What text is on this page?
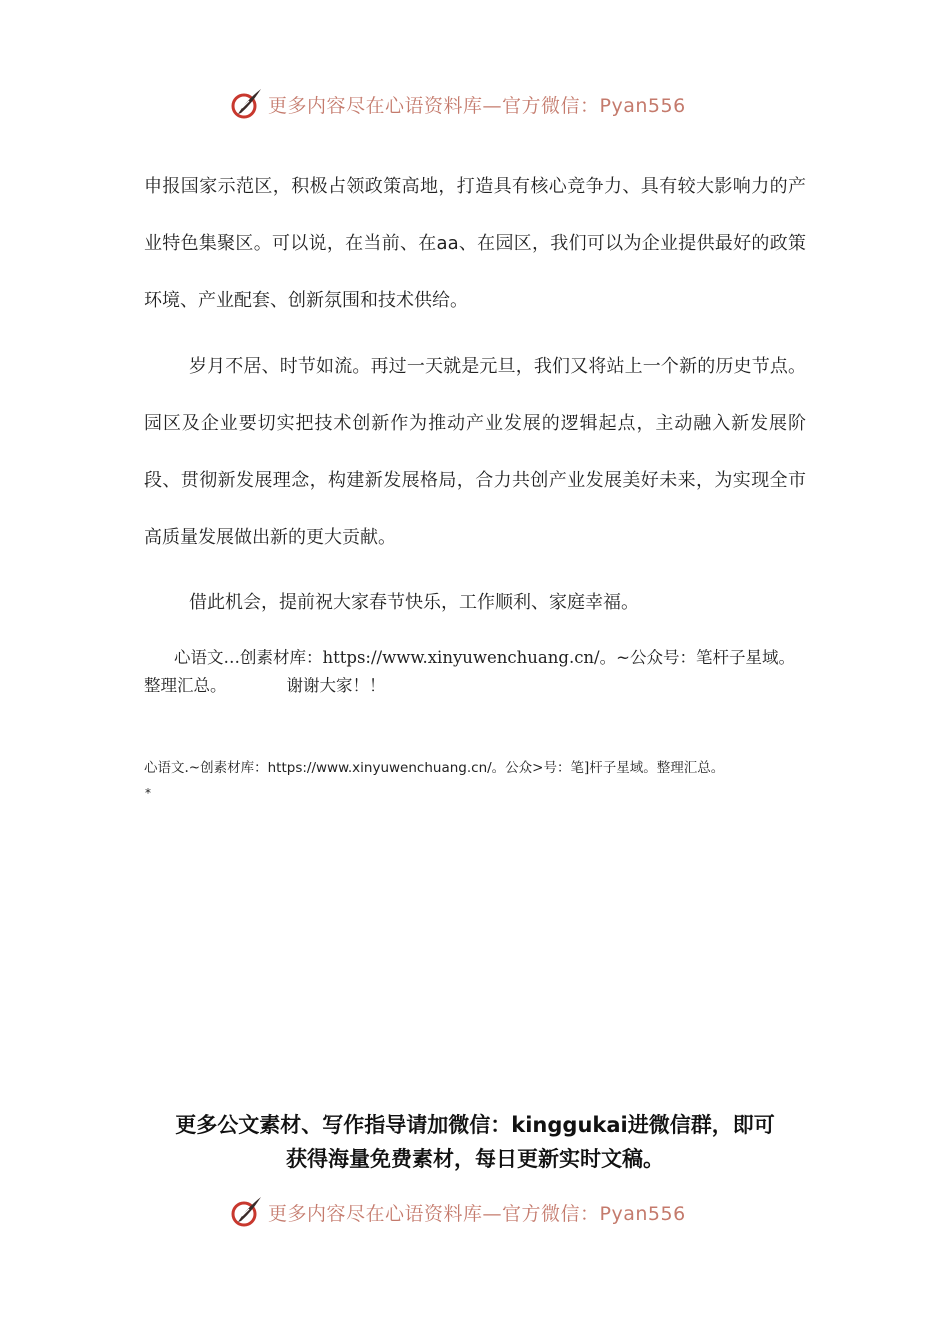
更多内容尽在心语资料库—官方微信：Pyan556

申报国家示范区，积极占领政策高地，打造具有核心竞争力、具有较大影响力的产业特色集聚区。可以说，在当前、在aa、在园区，我们可以为企业提供最好的政策环境、产业配套、创新氛围和技术供给。

岁月不居、时节如流。再过一天就是元旦，我们又将站上一个新的历史节点。园区及企业要切实把技术创新作为推动产业发展的逻辑起点，主动融入新发展阶段、贯彻新发展理念，构建新发展格局，合力共创产业发展美好未来，为实现全市高质量发展做出新的更大贡献。

借此机会，提前祝大家春节快乐，工作顺利、家庭幸福。

心语文…创素材库：https://www.xinyuwenchuang.cn/。~公众号：笔杆子星域。整理汇总。	谢谢大家！！
心语文.~创素材库：https://www.xinyuwenchuang.cn/。公众>号：笔]杆子星域。整理汇总。
*
更多公文素材、写作指导请加微信：kinggukai进微信群，即可
获得海量免费素材，每日更新实时文稿。
更多内容尽在心语资料库—官方微信：Pyan556
